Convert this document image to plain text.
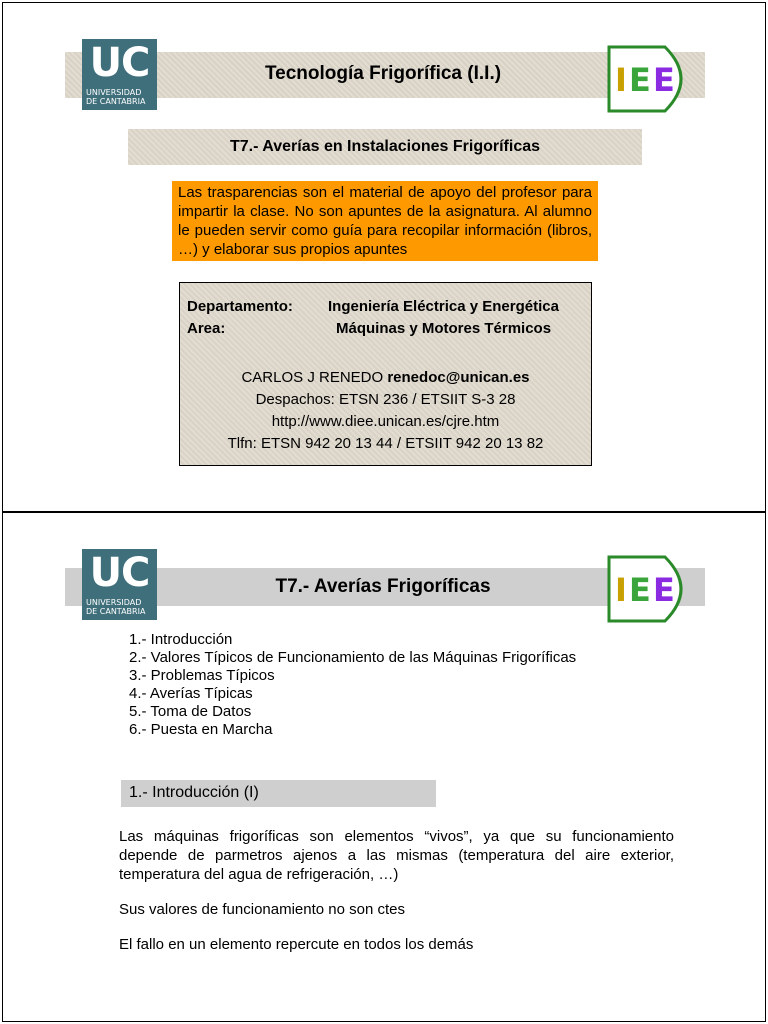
UC
UNIVERSIDAD
DE CANTABRIA
Tecnología Frigorífica (I.I.)	I E E
T7.- Averías en Instalaciones Frigoríficas
Las trasparencias son el material de apoyo del profesor para impartir la clase. No son apuntes de la asignatura. Al alumno le pueden servir como guía para recopilar información (libros, …) y elaborar sus propios apuntes
Departamento: Ingeniería Eléctrica y Energética
Area:	Máquinas y Motores Térmicos
CARLOS J RENEDO renedoc@unican.es
Despachos: ETSN 236 / ETSIIT S-3 28
http://www.diee.unican.es/cjre.htm
Tlfn: ETSN 942 20 13 44 / ETSIIT 942 20 13 82
UC
UNIVERSIDAD
DE CANTABRIA
T7.- Averías Frigoríficas	I E E
1.- Introducción
2.- Valores Típicos de Funcionamiento de las Máquinas Frigoríficas
3.- Problemas Típicos
4.- Averías Típicas
5.- Toma de Datos
6.- Puesta en Marcha
1.- Introducción (I)
Las máquinas frigoríficas son elementos “vivos”, ya que su funcionamiento depende de parmetros ajenos a las mismas (temperatura del aire exterior, temperatura del agua de refrigeración, …)
Sus valores de funcionamiento no son ctes
El fallo en un elemento repercute en todos los demás
